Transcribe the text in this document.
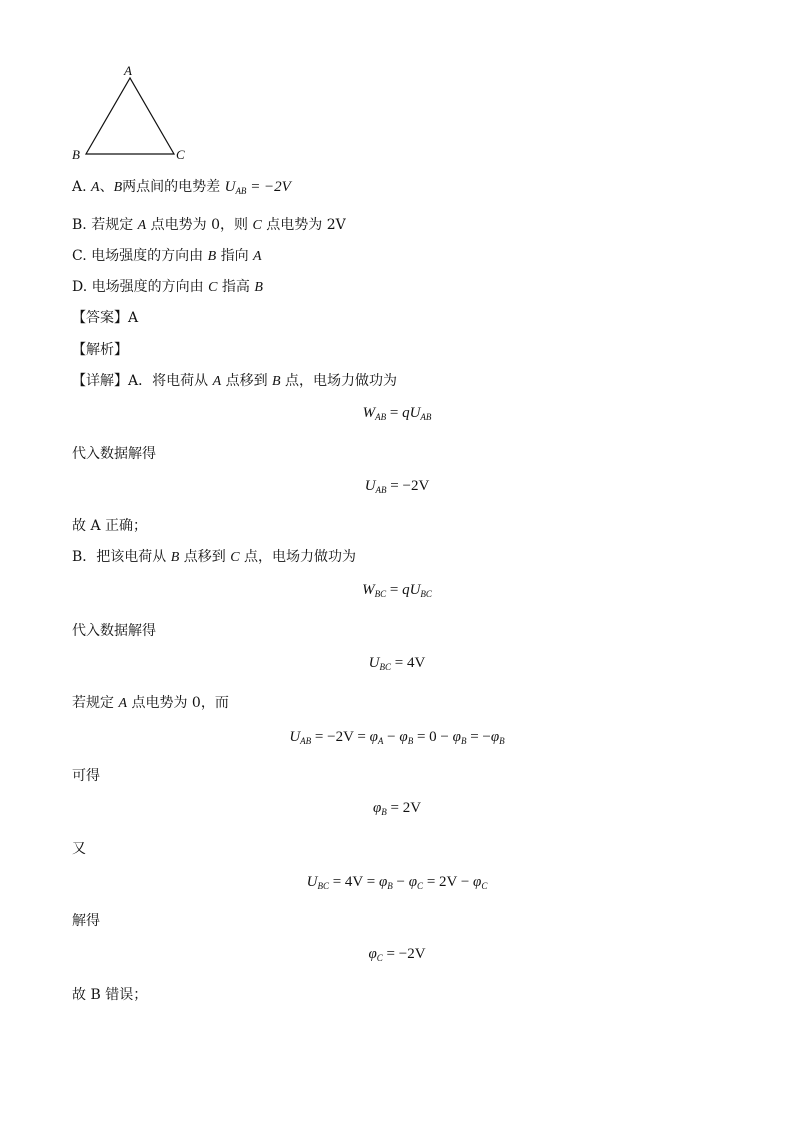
A
B	C
A. A、B两点间的电势差 $U_{AB} = -2V$
B. 若规定 A 点电势为 0，则 C 点电势为 2V
C. 电场强度的方向由 B 指向 A
D. 电场强度的方向由 C 指高 B
【答案】A
【解析】
【详解】A．将电荷从 A 点移到 B 点，电场力做功为
$W_{AB} = qU_{AB}$
代入数据解得
$U_{AB} = -2V$
故 A 正确；
B．把该电荷从 B 点移到 C 点，电场力做功为
$W_{BC} = qU_{BC}$
代入数据解得
$U_{BC} = 4V$
若规定 A 点电势为 0，而
$U_{AB} = -2V = \varphi_A - \varphi_B = 0 - \varphi_B = -\varphi_B$
可得
$\varphi_B = 2V$
又
$U_{BC} = 4V = \varphi_B - \varphi_C = 2V - \varphi_C$
解得
$\varphi_C = -2V$
故 B 错误；
